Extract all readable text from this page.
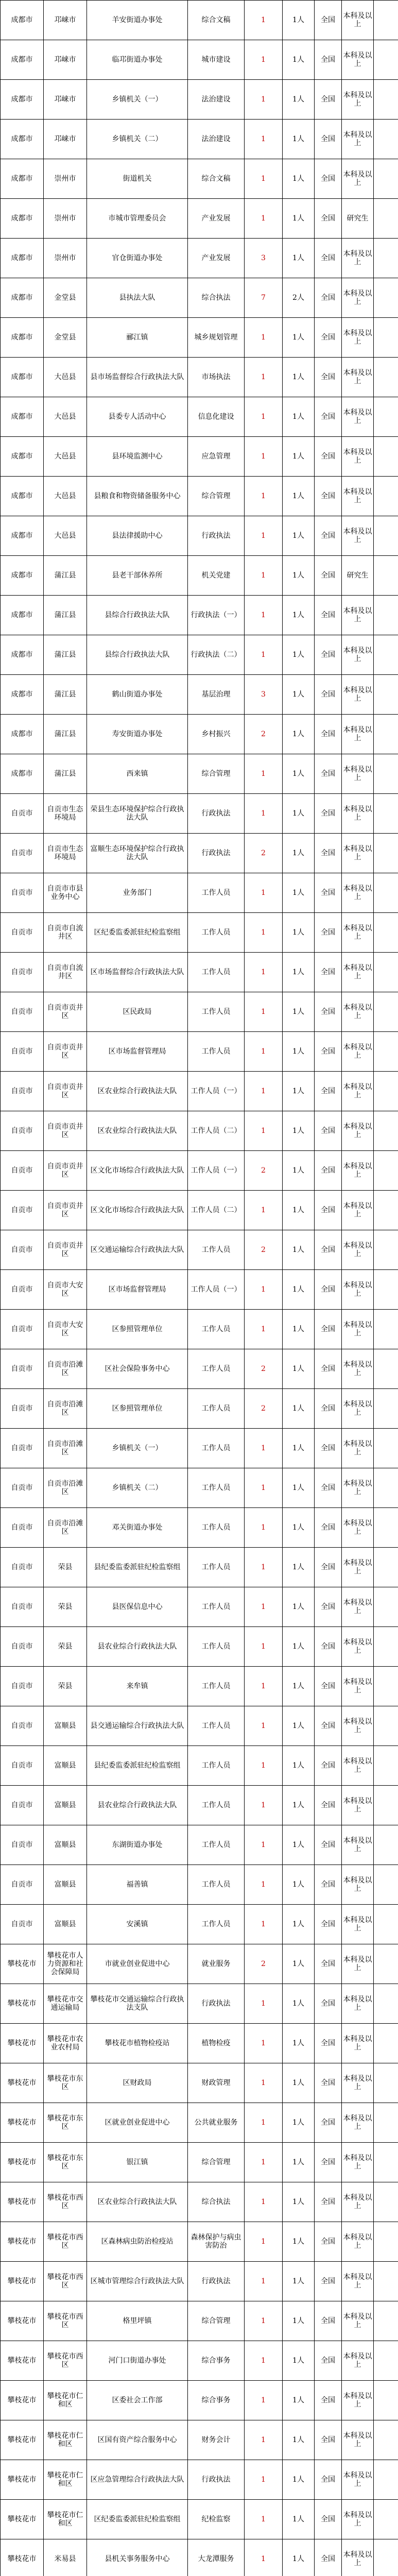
成都市	邛崃市	羊安街道办事处	综合文稿	1	1人	全国	本科及以上	
成都市	邛崃市	临邛街道办事处	城市建设	1	1人	全国	本科及以上	
成都市	邛崃市	乡镇机关（一）	法治建设	1	1人	全国	本科及以上	
成都市	邛崃市	乡镇机关（二）	法治建设	1	1人	全国	本科及以上	
成都市	崇州市	街道机关	综合文稿	1	1人	全国	本科及以上	
成都市	崇州市	市城市管理委员会	产业发展	1	1人	全国	研究生	
成都市	崇州市	官仓街道办事处	产业发展	3	1人	全国	本科及以上	
成都市	金堂县	县执法大队	综合执法	7	2人	全国	本科及以上	
成都市	金堂县	郦江镇	城乡规划管理	1	1人	全国	本科及以上	
成都市	大邑县	县市场监督综合行政执法大队	市场执法	1	1人	全国	本科及以上	
成都市	大邑县	县委专人活动中心	信息化建设	1	1人	全国	本科及以上	
成都市	大邑县	县环境监测中心	应急管理	1	1人	全国	本科及以上	
成都市	大邑县	县粮食和物资储备服务中心	综合管理	1	1人	全国	本科及以上	
成都市	大邑县	县法律援助中心	行政执法	1	1人	全国	本科及以上	
成都市	蒲江县	县老干部休养所	机关党建	1	1人	全国	研究生	
成都市	蒲江县	县综合行政执法大队	行政执法（一）	1	1人	全国	本科及以上	
成都市	蒲江县	县综合行政执法大队	行政执法（二）	1	1人	全国	本科及以上	
成都市	蒲江县	鹤山街道办事处	基层治理	3	1人	全国	本科及以上	
成都市	蒲江县	寿安街道办事处	乡村振兴	2	1人	全国	本科及以上	
成都市	蒲江县	西来镇	综合管理	1	1人	全国	本科及以上	
自贡市	自贡市生态环境局	荣县生态环境保护综合行政执法大队	行政执法	1	1人	全国	本科及以上	
自贡市	自贡市生态环境局	富顺生态环境保护综合行政执法大队	行政执法	2	1人	全国	本科及以上	
自贡市	自贡市市县业务中心	业务部门	工作人员	1	1人	全国	本科及以上	
自贡市	自贡市自流井区	区纪委监委派驻纪检监察组	工作人员	1	1人	全国	本科及以上	
自贡市	自贡市自流井区	区市场监督综合行政执法大队	工作人员	1	1人	全国	本科及以上	
自贡市	自贡市贡井区	区民政局	工作人员	1	1人	全国	本科及以上	
自贡市	自贡市贡井区	区市场监督管理局	工作人员	1	1人	全国	本科及以上	
自贡市	自贡市贡井区	区农业综合行政执法大队	工作人员（一）	1	1人	全国	本科及以上	
自贡市	自贡市贡井区	区农业综合行政执法大队	工作人员（二）	1	1人	全国	本科及以上	
自贡市	自贡市贡井区	区文化市场综合行政执法大队	工作人员（一）	2	1人	全国	本科及以上	
自贡市	自贡市贡井区	区文化市场综合行政执法大队	工作人员（二）	1	1人	全国	本科及以上	
自贡市	自贡市贡井区	区交通运输综合行政执法大队	工作人员	2	1人	全国	本科及以上	
自贡市	自贡市大安区	区市场监督管理局	工作人员（一）	1	1人	全国	本科及以上	
自贡市	自贡市大安区	区参照管理单位	工作人员	1	1人	全国	本科及以上	
自贡市	自贡市沿滩区	区社会保险事务中心	工作人员	2	1人	全国	本科及以上	
自贡市	自贡市沿滩区	区参照管理单位	工作人员	2	1人	全国	本科及以上	
自贡市	自贡市沿滩区	乡镇机关（一）	工作人员	1	1人	全国	本科及以上	
自贡市	自贡市沿滩区	乡镇机关（二）	工作人员	1	1人	全国	本科及以上	
自贡市	自贡市沿滩区	邓关街道办事处	工作人员	1	1人	全国	本科及以上	
自贡市	荣县	县纪委监委派驻纪检监察组	工作人员	1	1人	全国	本科及以上	
自贡市	荣县	县医保信息中心	工作人员	1	1人	全国	本科及以上	
自贡市	荣县	县农业综合行政执法大队	工作人员	1	1人	全国	本科及以上	
自贡市	荣县	来牟镇	工作人员	1	1人	全国	本科及以上	
自贡市	富顺县	县交通运输综合行政执法大队	工作人员	1	1人	全国	本科及以上	
自贡市	富顺县	县纪委监委派驻纪检监察组	工作人员	1	1人	全国	本科及以上	
自贡市	富顺县	县农业综合行政执法大队	工作人员	1	1人	全国	本科及以上	
自贡市	富顺县	东湖街道办事处	工作人员	1	1人	全国	本科及以上	
自贡市	富顺县	福善镇	工作人员	1	1人	全国	本科及以上	
自贡市	富顺县	安溪镇	工作人员	1	1人	全国	本科及以上	
攀枝花市	攀枝花市人力资源和社会保障局	市就业创业促进中心	就业服务	2	1人	全国	本科及以上	
攀枝花市	攀枝花市交通运输局	攀枝花市交通运输综合行政执法支队	行政执法	1	1人	全国	本科及以上	
攀枝花市	攀枝花市农业农村局	攀枝花市植物检疫站	植物检疫	1	1人	全国	本科及以上	
攀枝花市	攀枝花市东区	区财政局	财政管理	1	1人	全国	本科及以上	
攀枝花市	攀枝花市东区	区就业创业促进中心	公共就业服务	1	1人	全国	本科及以上	
攀枝花市	攀枝花市东区	银江镇	综合管理	1	1人	全国	本科及以上	
攀枝花市	攀枝花市西区	区农业综合行政执法大队	综合执法	1	1人	全国	本科及以上	
攀枝花市	攀枝花市西区	区森林病虫防治检疫站	森林保护与病虫害防治	1	1人	全国	本科及以上	
攀枝花市	攀枝花市西区	区城市管理综合行政执法大队	行政执法	1	1人	全国	本科及以上	
攀枝花市	攀枝花市西区	格里坪镇	综合管理	1	1人	全国	本科及以上	
攀枝花市	攀枝花市西区	河门口街道办事处	综合事务	1	1人	全国	本科及以上	
攀枝花市	攀枝花市仁和区	区委社会工作部	综合事务	1	1人	全国	本科及以上	
攀枝花市	攀枝花市仁和区	区国有资产综合服务中心	财务会计	1	1人	全国	本科及以上	
攀枝花市	攀枝花市仁和区	区应急管理综合行政执法大队	行政执法	1	1人	全国	本科及以上	
攀枝花市	攀枝花市仁和区	区纪委监委派驻纪检监察组	纪检监察	1	1人	全国	本科及以上	
攀枝花市	米易县	县机关事务服务中心	大龙潭服务	1	1人	全国	本科及以上	
